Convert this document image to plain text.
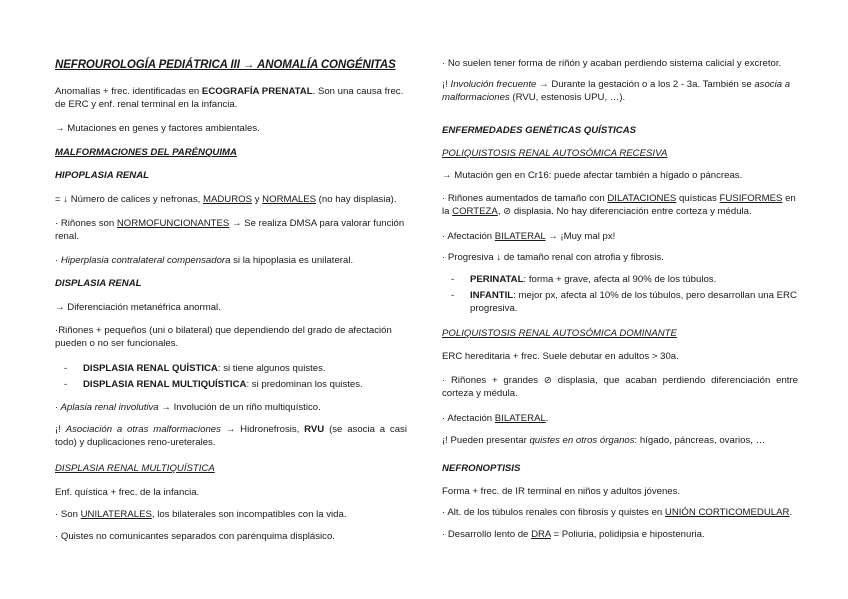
NEFROUROLOGÍA PEDIÁTRICA III → ANOMALÍA CONGÉNITAS
Anomalías + frec. identificadas en ECOGRAFÍA PRENATAL. Son una causa frec. de ERC y enf. renal terminal en la infancia.
→ Mutaciones en genes y factores ambientales.
MALFORMACIONES DEL PARÉNQUIMA
HIPOPLASIA RENAL
= ↓ Número de calices y nefronas, MADUROS y NORMALES (no hay displasia).
· Riñones son NORMOFUNCIONANTES → Se realiza DMSA para valorar función renal.
· Hiperplasia contralateral compensadora si la hipoplasia es unilateral.
DISPLASIA RENAL
→ Diferenciación metanéfrica anormal.
·Riñones + pequeños (uni o bilateral) que dependiendo del grado de afectación pueden o no ser funcionales.
- DISPLASIA RENAL QUÍSTICA: si tiene algunos quistes.
- DISPLASIA RENAL MULTIQUÍSTICA: si predominan los quistes.
· Aplasia renal involutiva → Involución de un riño multiquístico.
¡! Asociación a otras malformaciones → Hidronefrosis, RVU (se asocia a casi todo) y duplicaciones reno-ureterales.
DISPLASIA RENAL MULTIQUÍSTICA
Enf. quística + frec. de la infancia.
· Son UNILATERALES, los bilaterales son incompatibles con la vida.
· Quistes no comunicantes separados con parénquima displásico.
· No suelen tener forma de riñón y acaban perdiendo sistema calicial y excretor.
¡! Involución frecuente → Durante la gestación o a los 2 - 3a. También se asocia a malformaciones (RVU, estenosis UPU, …).
ENFERMEDADES GENÉTICAS QUÍSTICAS
POLIQUISTOSIS RENAL AUTOSÓMICA RECESIVA
→ Mutación gen en Cr16: puede afectar también a hígado o páncreas.
· Riñones aumentados de tamaño con DILATACIONES quísticas FUSIFORMES en la CORTEZA, ⊘ displasia. No hay diferenciación entre corteza y médula.
· Afectación BILATERAL → ¡Muy mal px!
· Progresiva ↓ de tamaño renal con atrofia y fibrosis.
- PERINATAL: forma + grave, afecta al 90% de los túbulos.
- INFANTIL: mejor px, afecta al 10% de los túbulos, pero desarrollan una ERC progresiva.
POLIQUISTOSIS RENAL AUTOSÓMICA DOMINANTE
ERC hereditaria + frec. Suele debutar en adultos > 30a.
· Riñones + grandes ⊘ displasia, que acaban perdiendo diferenciación entre corteza y médula.
· Afectación BILATERAL.
¡! Pueden presentar quistes en otros órganos: hígado, páncreas, ovarios, …
NEFRONOPTISIS
Forma + frec. de IR terminal en niños y adultos jóvenes.
· Alt. de los túbulos renales con fibrosis y quistes en UNIÓN CORTICOMEDULAR.
· Desarrollo lento de DRA = Poliuria, polidipsia e hipostenuria.
